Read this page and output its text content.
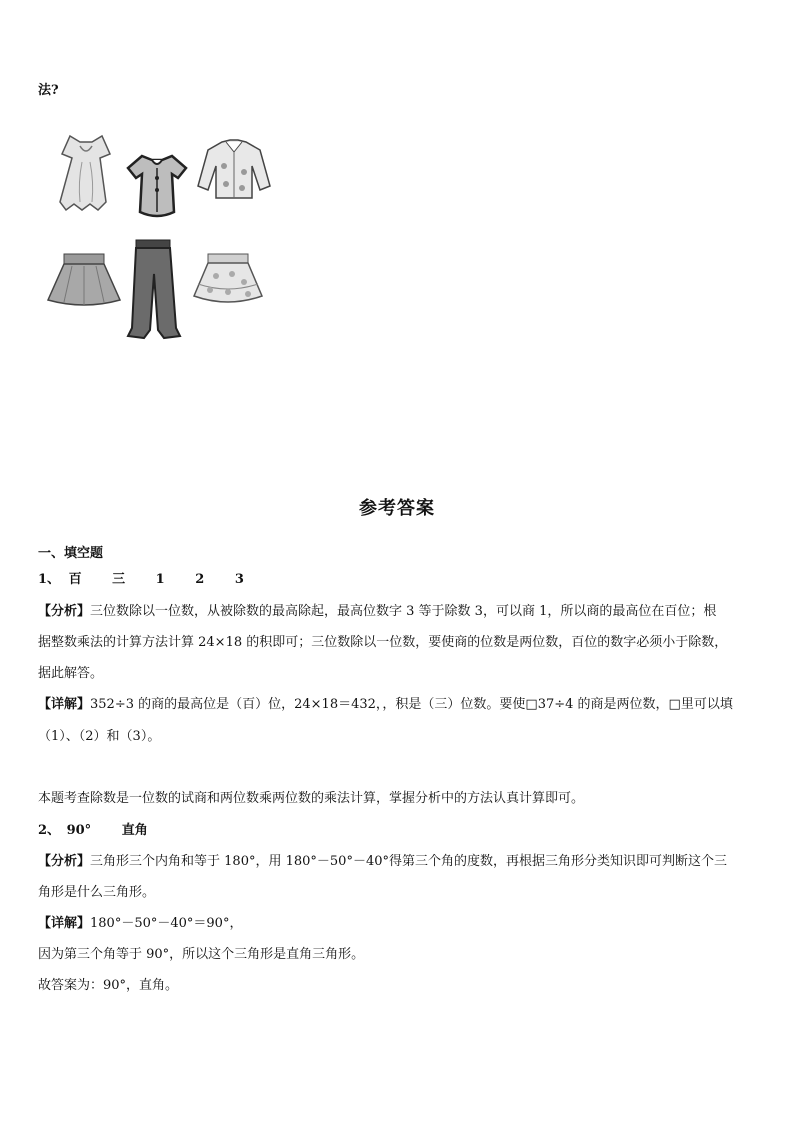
法?
参考答案
一、填空题
1、 百 三 1 2 3
【分析】三位数除以一位数，从被除数的最高除起，最高位数字 3 等于除数 3，可以商 1，所以商的最高位在百位；根
据整数乘法的计算方法计算 24×18 的积即可；三位数除以一位数，要使商的位数是两位数，百位的数字必须小于除数，
据此解答。
【详解】352÷3 的商的最高位是（百）位，24×18＝432，，积是（三）位数。要使□37÷4 的商是两位数，□里可以填
（1）、（2）和（3）。
本题考查除数是一位数的试商和两位数乘两位数的乘法计算，掌握分析中的方法认真计算即可。
2、 90° 直角
【分析】三角形三个内角和等于 180°，用 180°－50°－40°得第三个角的度数，再根据三角形分类知识即可判断这个三
角形是什么三角形。
【详解】180°－50°－40°＝90°，
因为第三个角等于 90°，所以这个三角形是直角三角形。
故答案为：90°，直角。
